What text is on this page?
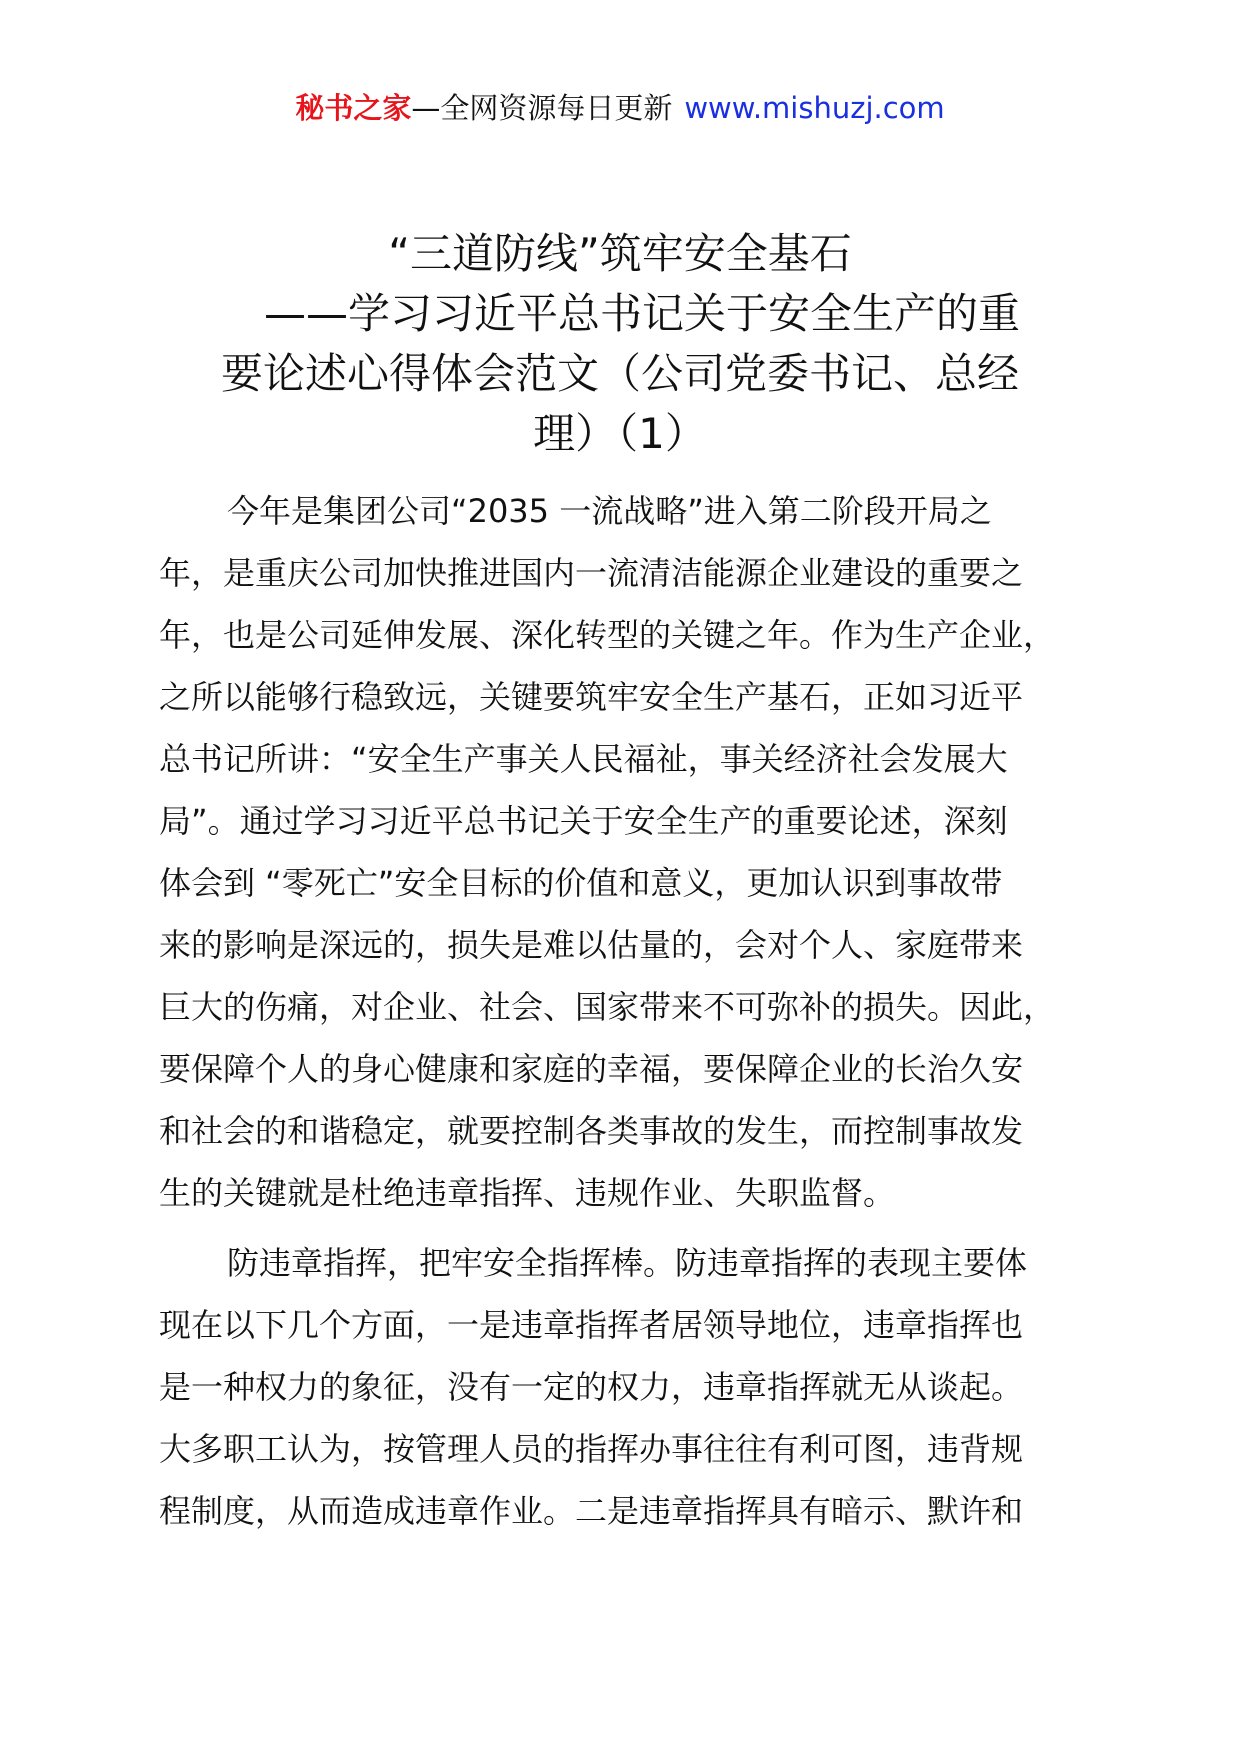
秘书之家—全网资源每日更新 www.mishuzj.com
“三道防线”筑牢安全基石
——学习习近平总书记关于安全生产的重
要论述心得体会范文（公司党委书记、总经
理）（1）
今年是集团公司“2035 一流战略”进入第二阶段开局之
年，是重庆公司加快推进国内一流清洁能源企业建设的重要之
年，也是公司延伸发展、深化转型的关键之年。作为生产企业，
之所以能够行稳致远，关键要筑牢安全生产基石，正如习近平
总书记所讲：“安全生产事关人民福祉，事关经济社会发展大
局”。通过学习习近平总书记关于安全生产的重要论述，深刻
体会到 “零死亡”安全目标的价值和意义，更加认识到事故带
来的影响是深远的，损失是难以估量的，会对个人、家庭带来
巨大的伤痛，对企业、社会、国家带来不可弥补的损失。因此，
要保障个人的身心健康和家庭的幸福，要保障企业的长治久安
和社会的和谐稳定，就要控制各类事故的发生，而控制事故发
生的关键就是杜绝违章指挥、违规作业、失职监督。
防违章指挥，把牢安全指挥棒。防违章指挥的表现主要体
现在以下几个方面，一是违章指挥者居领导地位，违章指挥也
是一种权力的象征，没有一定的权力，违章指挥就无从谈起。
大多职工认为，按管理人员的指挥办事往往有利可图，违背规
程制度，从而造成违章作业。二是违章指挥具有暗示、默许和
